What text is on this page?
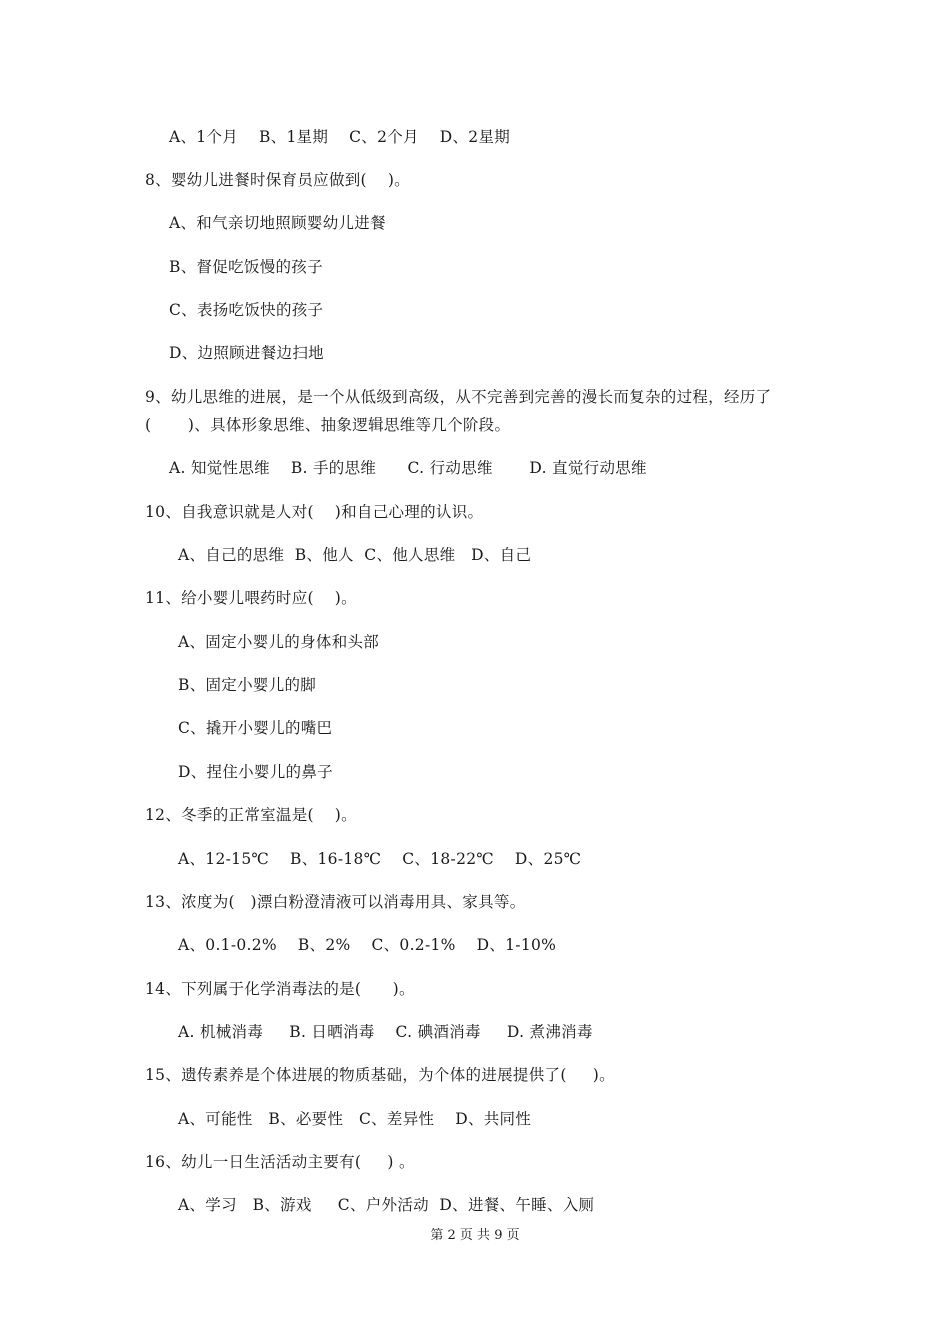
A、1个月    B、1星期    C、2个月    D、2星期

8、婴幼儿进餐时保育员应做到(    )。

A、和气亲切地照顾婴幼儿进餐

B、督促吃饭慢的孩子

C、表扬吃饭快的孩子

D、边照顾进餐边扫地

9、幼儿思维的进展，是一个从低级到高级，从不完善到完善的漫长而复杂的过程，经历了

(       )、具体形象思维、抽象逻辑思维等几个阶段。

A. 知觉性思维    B. 手的思维      C. 行动思维       D. 直觉行动思维

10、自我意识就是人对(    )和自己心理的认识。

A、自己的思维  B、他人  C、他人思维   D、自己

11、给小婴儿喂药时应(    )。

A、固定小婴儿的身体和头部

B、固定小婴儿的脚

C、撬开小婴儿的嘴巴

D、捏住小婴儿的鼻子

12、冬季的正常室温是(    )。

A、12-15℃    B、16-18℃    C、18-22℃    D、25℃

13、浓度为(   )漂白粉澄清液可以消毒用具、家具等。

A、0.1-0.2%    B、2%    C、0.2-1%    D、1-10%

14、下列属于化学消毒法的是(      )。

A. 机械消毒     B. 日晒消毒    C. 碘酒消毒     D. 煮沸消毒

15、遗传素养是个体进展的物质基础，为个体的进展提供了(     )。

A、可能性   B、必要性   C、差异性    D、共同性

16、幼儿一日生活活动主要有(     ) 。

A、学习   B、游戏     C、户外活动  D、进餐、午睡、入厕

第 2 页 共 9 页
